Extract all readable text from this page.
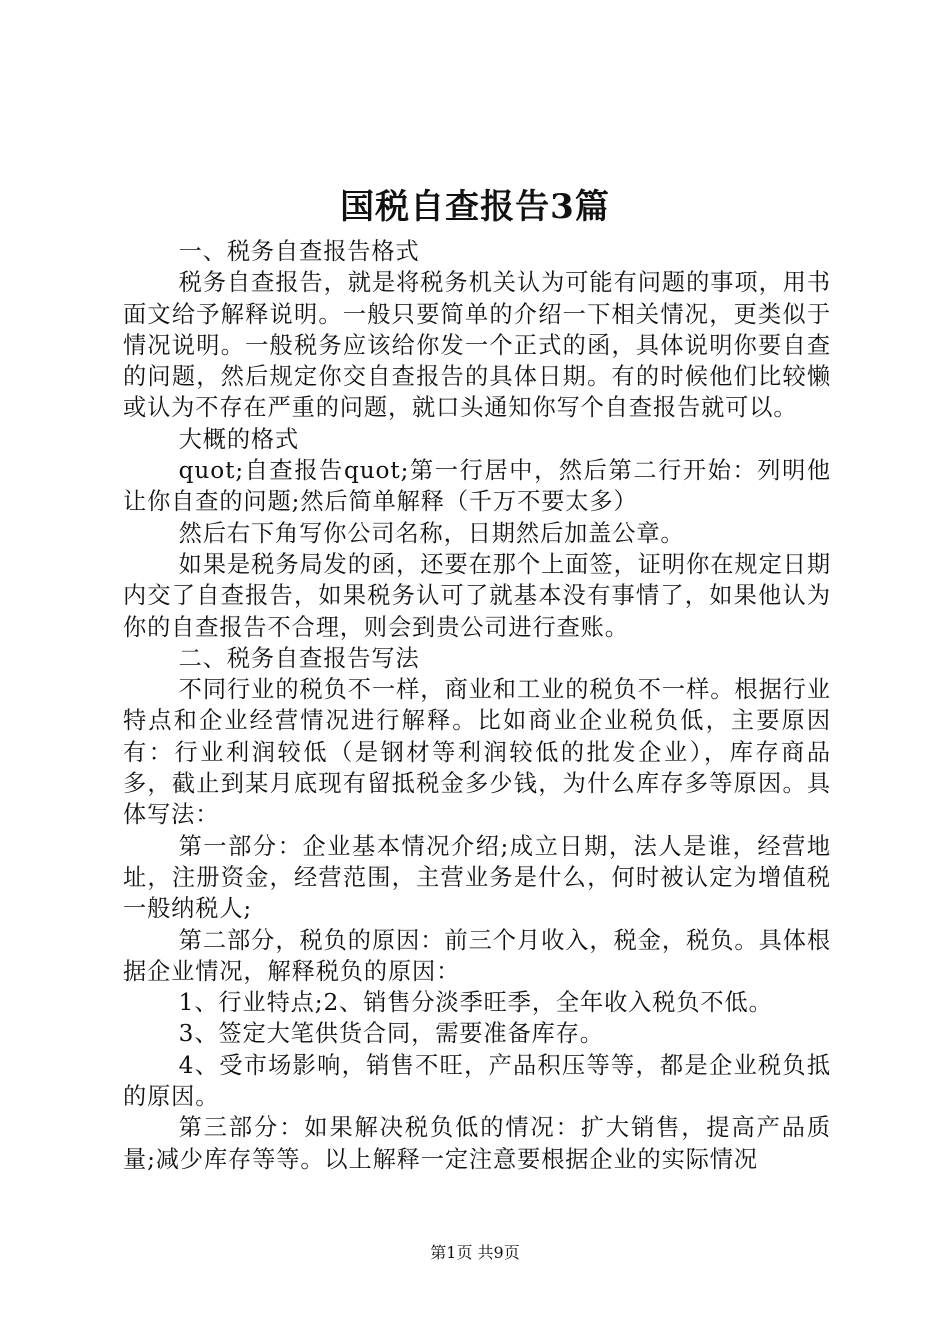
国税自查报告3篇

一、税务自查报告格式

税务自查报告，就是将税务机关认为可能有问题的事项，用书面文给予解释说明。一般只要简单的介绍一下相关情况，更类似于情况说明。一般税务应该给你发一个正式的函，具体说明你要自查的问题，然后规定你交自查报告的具体日期。有的时候他们比较懒或认为不存在严重的问题，就口头通知你写个自查报告就可以。

大概的格式

quot;自查报告quot;第一行居中，然后第二行开始：列明他让你自查的问题;然后简单解释（千万不要太多）

然后右下角写你公司名称，日期然后加盖公章。

如果是税务局发的函，还要在那个上面签，证明你在规定日期内交了自查报告，如果税务认可了就基本没有事情了，如果他认为你的自查报告不合理，则会到贵公司进行查账。

二、税务自查报告写法

不同行业的税负不一样，商业和工业的税负不一样。根据行业特点和企业经营情况进行解释。比如商业企业税负低，主要原因有：行业利润较低（是钢材等利润较低的批发企业），库存商品多，截止到某月底现有留抵税金多少钱，为什么库存多等原因。具体写法：

第一部分：企业基本情况介绍;成立日期，法人是谁，经营地址，注册资金，经营范围，主营业务是什么，何时被认定为增值税一般纳税人;

第二部分，税负的原因：前三个月收入，税金，税负。具体根据企业情况，解释税负的原因：

1、行业特点;2、销售分淡季旺季，全年收入税负不低。

3、签定大笔供货合同，需要准备库存。

4、受市场影响，销售不旺，产品积压等等，都是企业税负抵的原因。

第三部分：如果解决税负低的情况：扩大销售，提高产品质量;减少库存等等。以上解释一定注意要根据企业的实际情况

第1页 共9页
